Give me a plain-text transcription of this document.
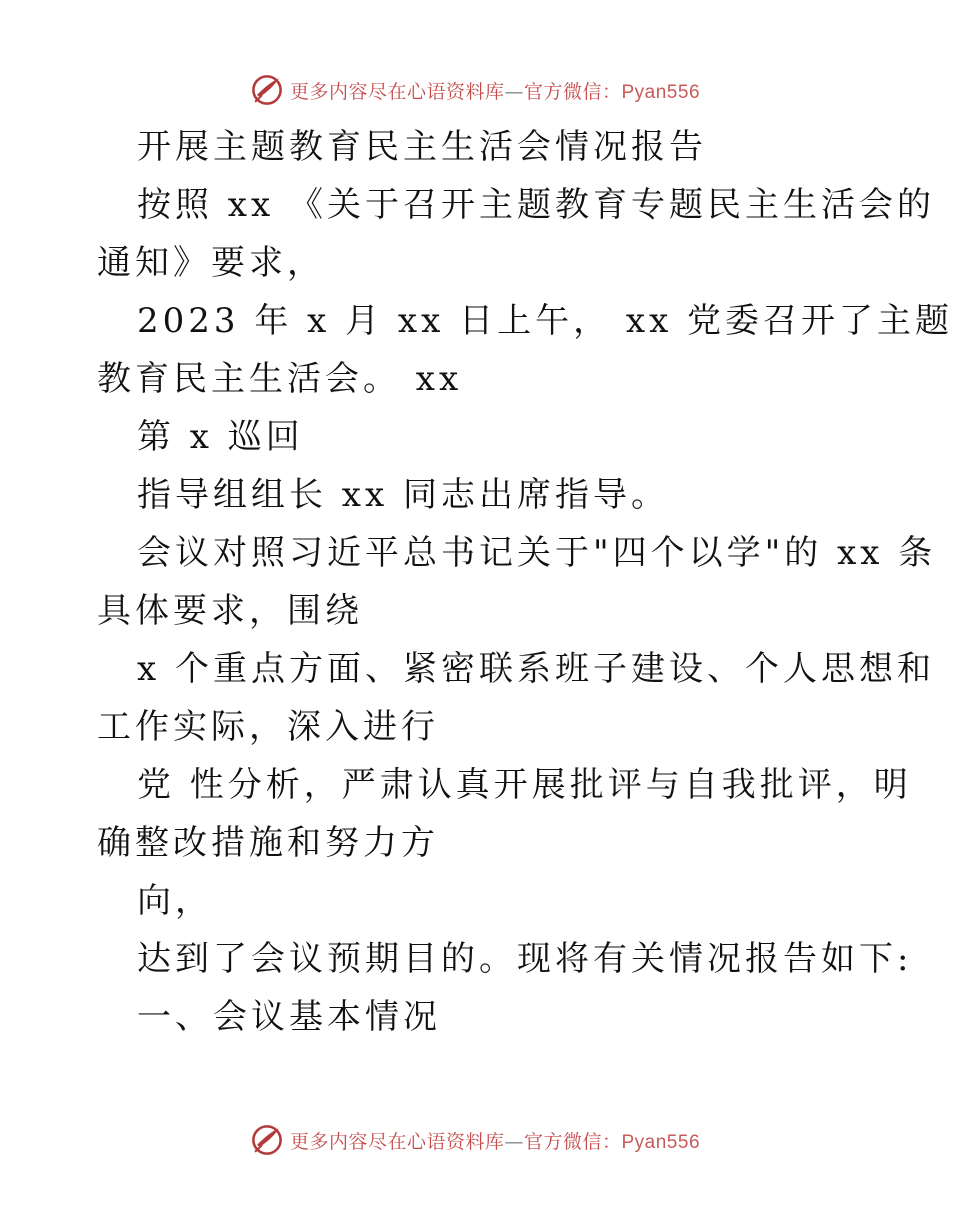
更多内容尽在心语资料库—官方微信：Pyan556
开展主题教育民主生活会情况报告
按照 xx 《关于召开主题教育专题民主生活会的
通知》要求，
2023 年 x 月 xx 日上午， xx 党委召开了主题
教育民主生活会。 xx
第 x 巡回
指导组组长 xx 同志出席指导。
会议对照习近平总书记关于"四个以学"的 xx 条
具体要求，围绕
x 个重点方面、紧密联系班子建设、个人思想和
工作实际，深入进行
党 性分析，严肃认真开展批评与自我批评，明
确整改措施和努力方
向，
达到了会议预期目的。现将有关情况报告如下:
一、会议基本情况
更多内容尽在心语资料库—官方微信：Pyan556
